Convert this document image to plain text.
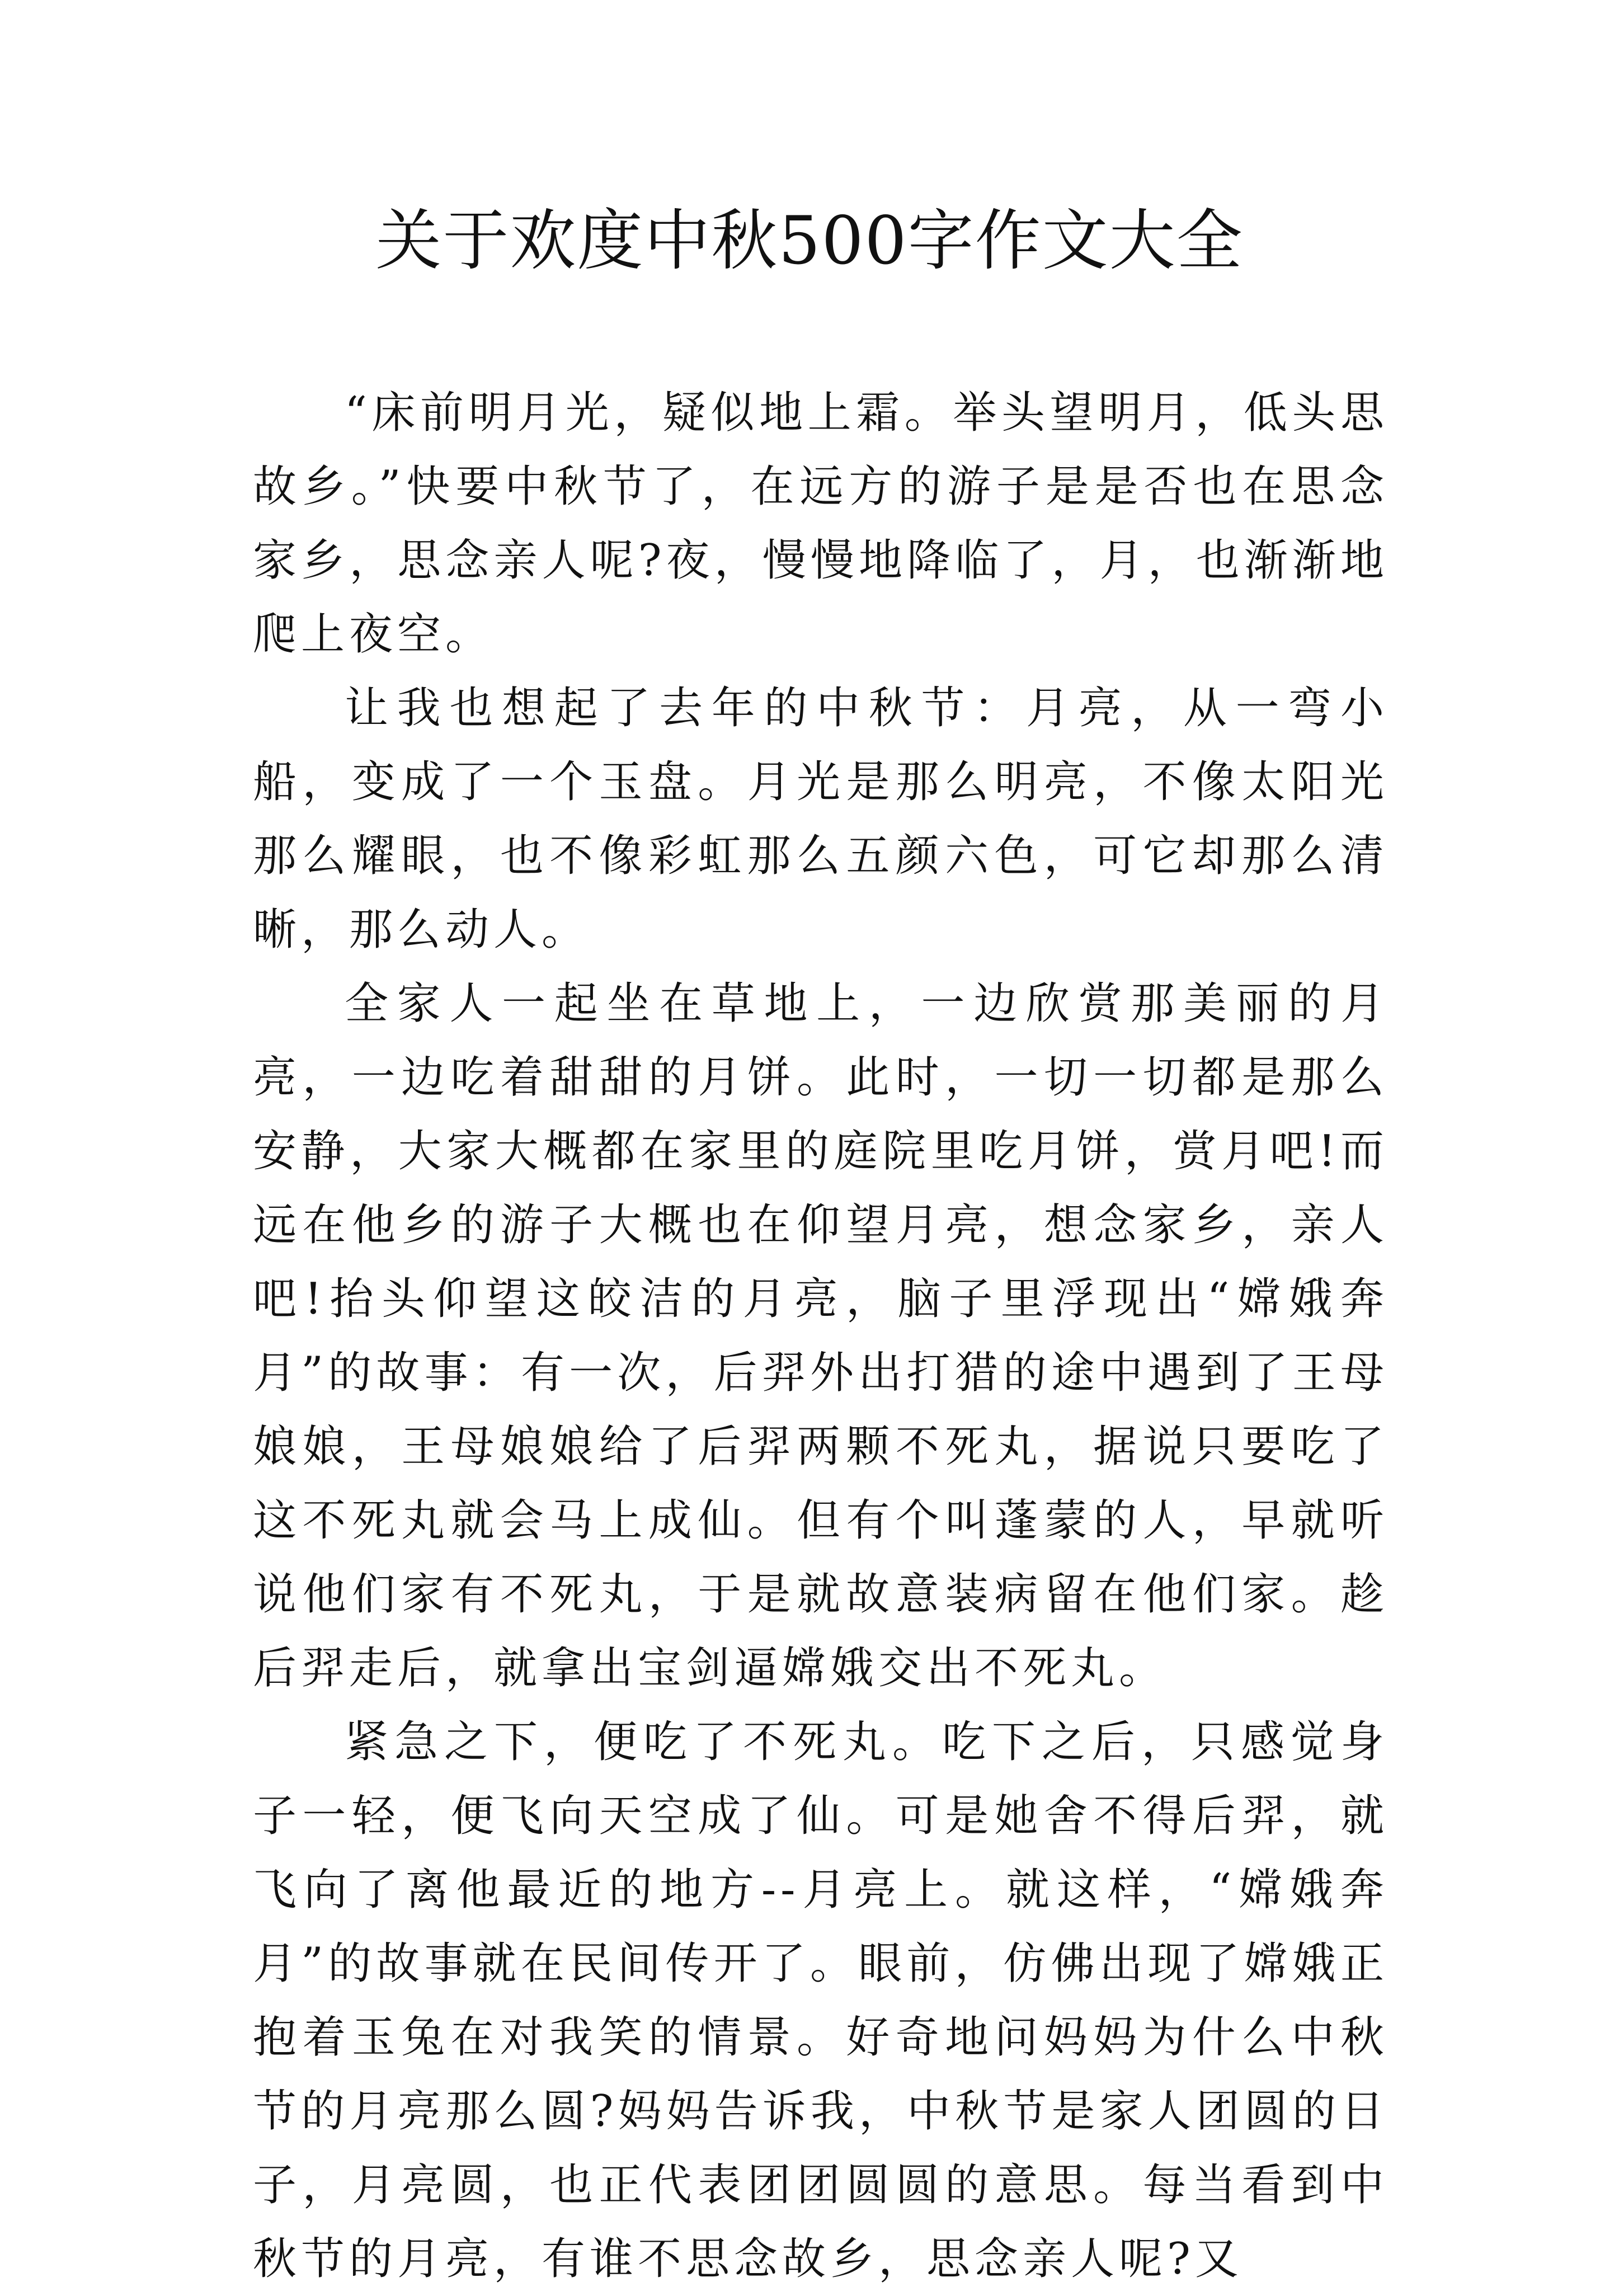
关于欢度中秋500字作文大全

“床前明月光，疑似地上霜。举头望明月，低头思故乡。”快要中秋节了，在远方的游子是是否也在思念家乡，思念亲人呢?夜，慢慢地降临了，月，也渐渐地爬上夜空。

让我也想起了去年的中秋节：月亮，从一弯小船，变成了一个玉盘。月光是那么明亮，不像太阳光那么耀眼，也不像彩虹那么五颜六色，可它却那么清晰，那么动人。

全家人一起坐在草地上，一边欣赏那美丽的月亮，一边吃着甜甜的月饼。此时，一切一切都是那么安静，大家大概都在家里的庭院里吃月饼，赏月吧!而远在他乡的游子大概也在仰望月亮，想念家乡，亲人吧!抬头仰望这皎洁的月亮，脑子里浮现出“嫦娥奔月”的故事：有一次，后羿外出打猎的途中遇到了王母娘娘，王母娘娘给了后羿两颗不死丸，据说只要吃了这不死丸就会马上成仙。但有个叫蓬蒙的人，早就听说他们家有不死丸，于是就故意装病留在他们家。趁后羿走后，就拿出宝剑逼嫦娥交出不死丸。

紧急之下，便吃了不死丸。吃下之后，只感觉身子一轻，便飞向天空成了仙。可是她舍不得后羿，就飞向了离他最近的地方--月亮上。就这样，“嫦娥奔月”的故事就在民间传开了。眼前，仿佛出现了嫦娥正抱着玉兔在对我笑的情景。好奇地问妈妈为什么中秋节的月亮那么圆?妈妈告诉我，中秋节是家人团圆的日子，月亮圆，也正代表团团圆圆的意思。每当看到中秋节的月亮，有谁不思念故乡，思念亲人呢?又
